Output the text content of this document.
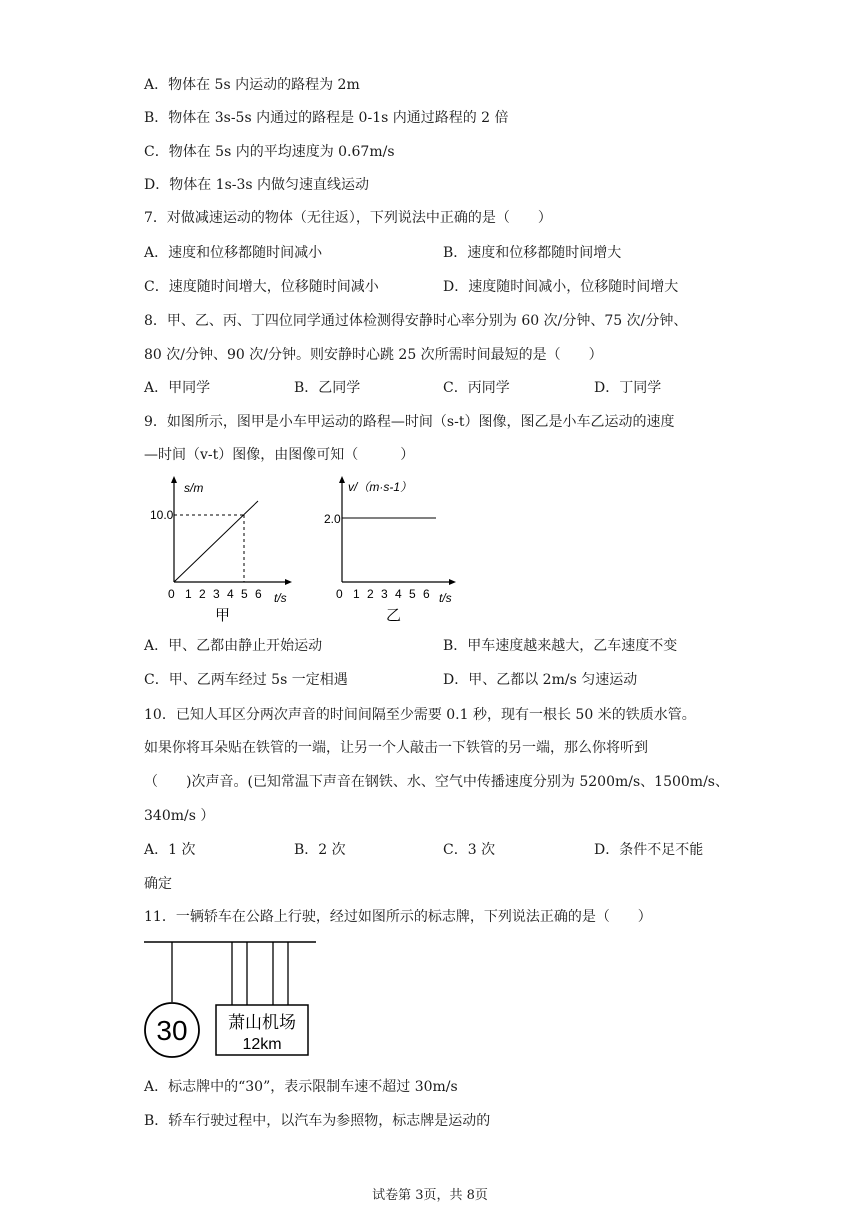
A．物体在 5s 内运动的路程为 2m
B．物体在 3s-5s 内通过的路程是 0-1s 内通过路程的 2 倍
C．物体在 5s 内的平均速度为 0.67m/s
D．物体在 1s-3s 内做匀速直线运动
7．对做减速运动的物体（无往返），下列说法中正确的是（　　）
A．速度和位移都随时间减小	B．速度和位移都随时间增大
C．速度随时间增大，位移随时间减小	D．速度随时间减小，位移随时间增大
8．甲、乙、丙、丁四位同学通过体检测得安静时心率分别为 60 次/分钟、75 次/分钟、
80 次/分钟、90 次/分钟。则安静时心跳 25 次所需时间最短的是（　　）
A．甲同学	B．乙同学	C．丙同学	D．丁同学
9．如图所示，图甲是小车甲运动的路程—时间（s-t）图像，图乙是小车乙运动的速度
—时间（v-t）图像，由图像可知（　　　）
s/m
10.0
0 1 2 3 4 5 6 t/s
甲
v/（m·s-1）
2.0
0 1 2 3 4 5 6 t/s
乙
A．甲、乙都由静止开始运动	B．甲车速度越来越大，乙车速度不变
C．甲、乙两车经过 5s 一定相遇	D．甲、乙都以 2m/s 匀速运动
10．已知人耳区分两次声音的时间间隔至少需要 0.1 秒，现有一根长 50 米的铁质水管。
如果你将耳朵贴在铁管的一端，让另一个人敲击一下铁管的另一端，那么你将听到
（　　)次声音。(已知常温下声音在钢铁、水、空气中传播速度分别为 5200m/s、1500m/s、
340m/s ）
A．1 次	B．2 次	C．3 次	D．条件不足不能
确定
11．一辆轿车在公路上行驶，经过如图所示的标志牌，下列说法正确的是（　　）
30 萧山机场
12km
A．标志牌中的“30”，表示限制车速不超过 30m/s
B．轿车行驶过程中，以汽车为参照物，标志牌是运动的
试卷第 3页，共 8页
